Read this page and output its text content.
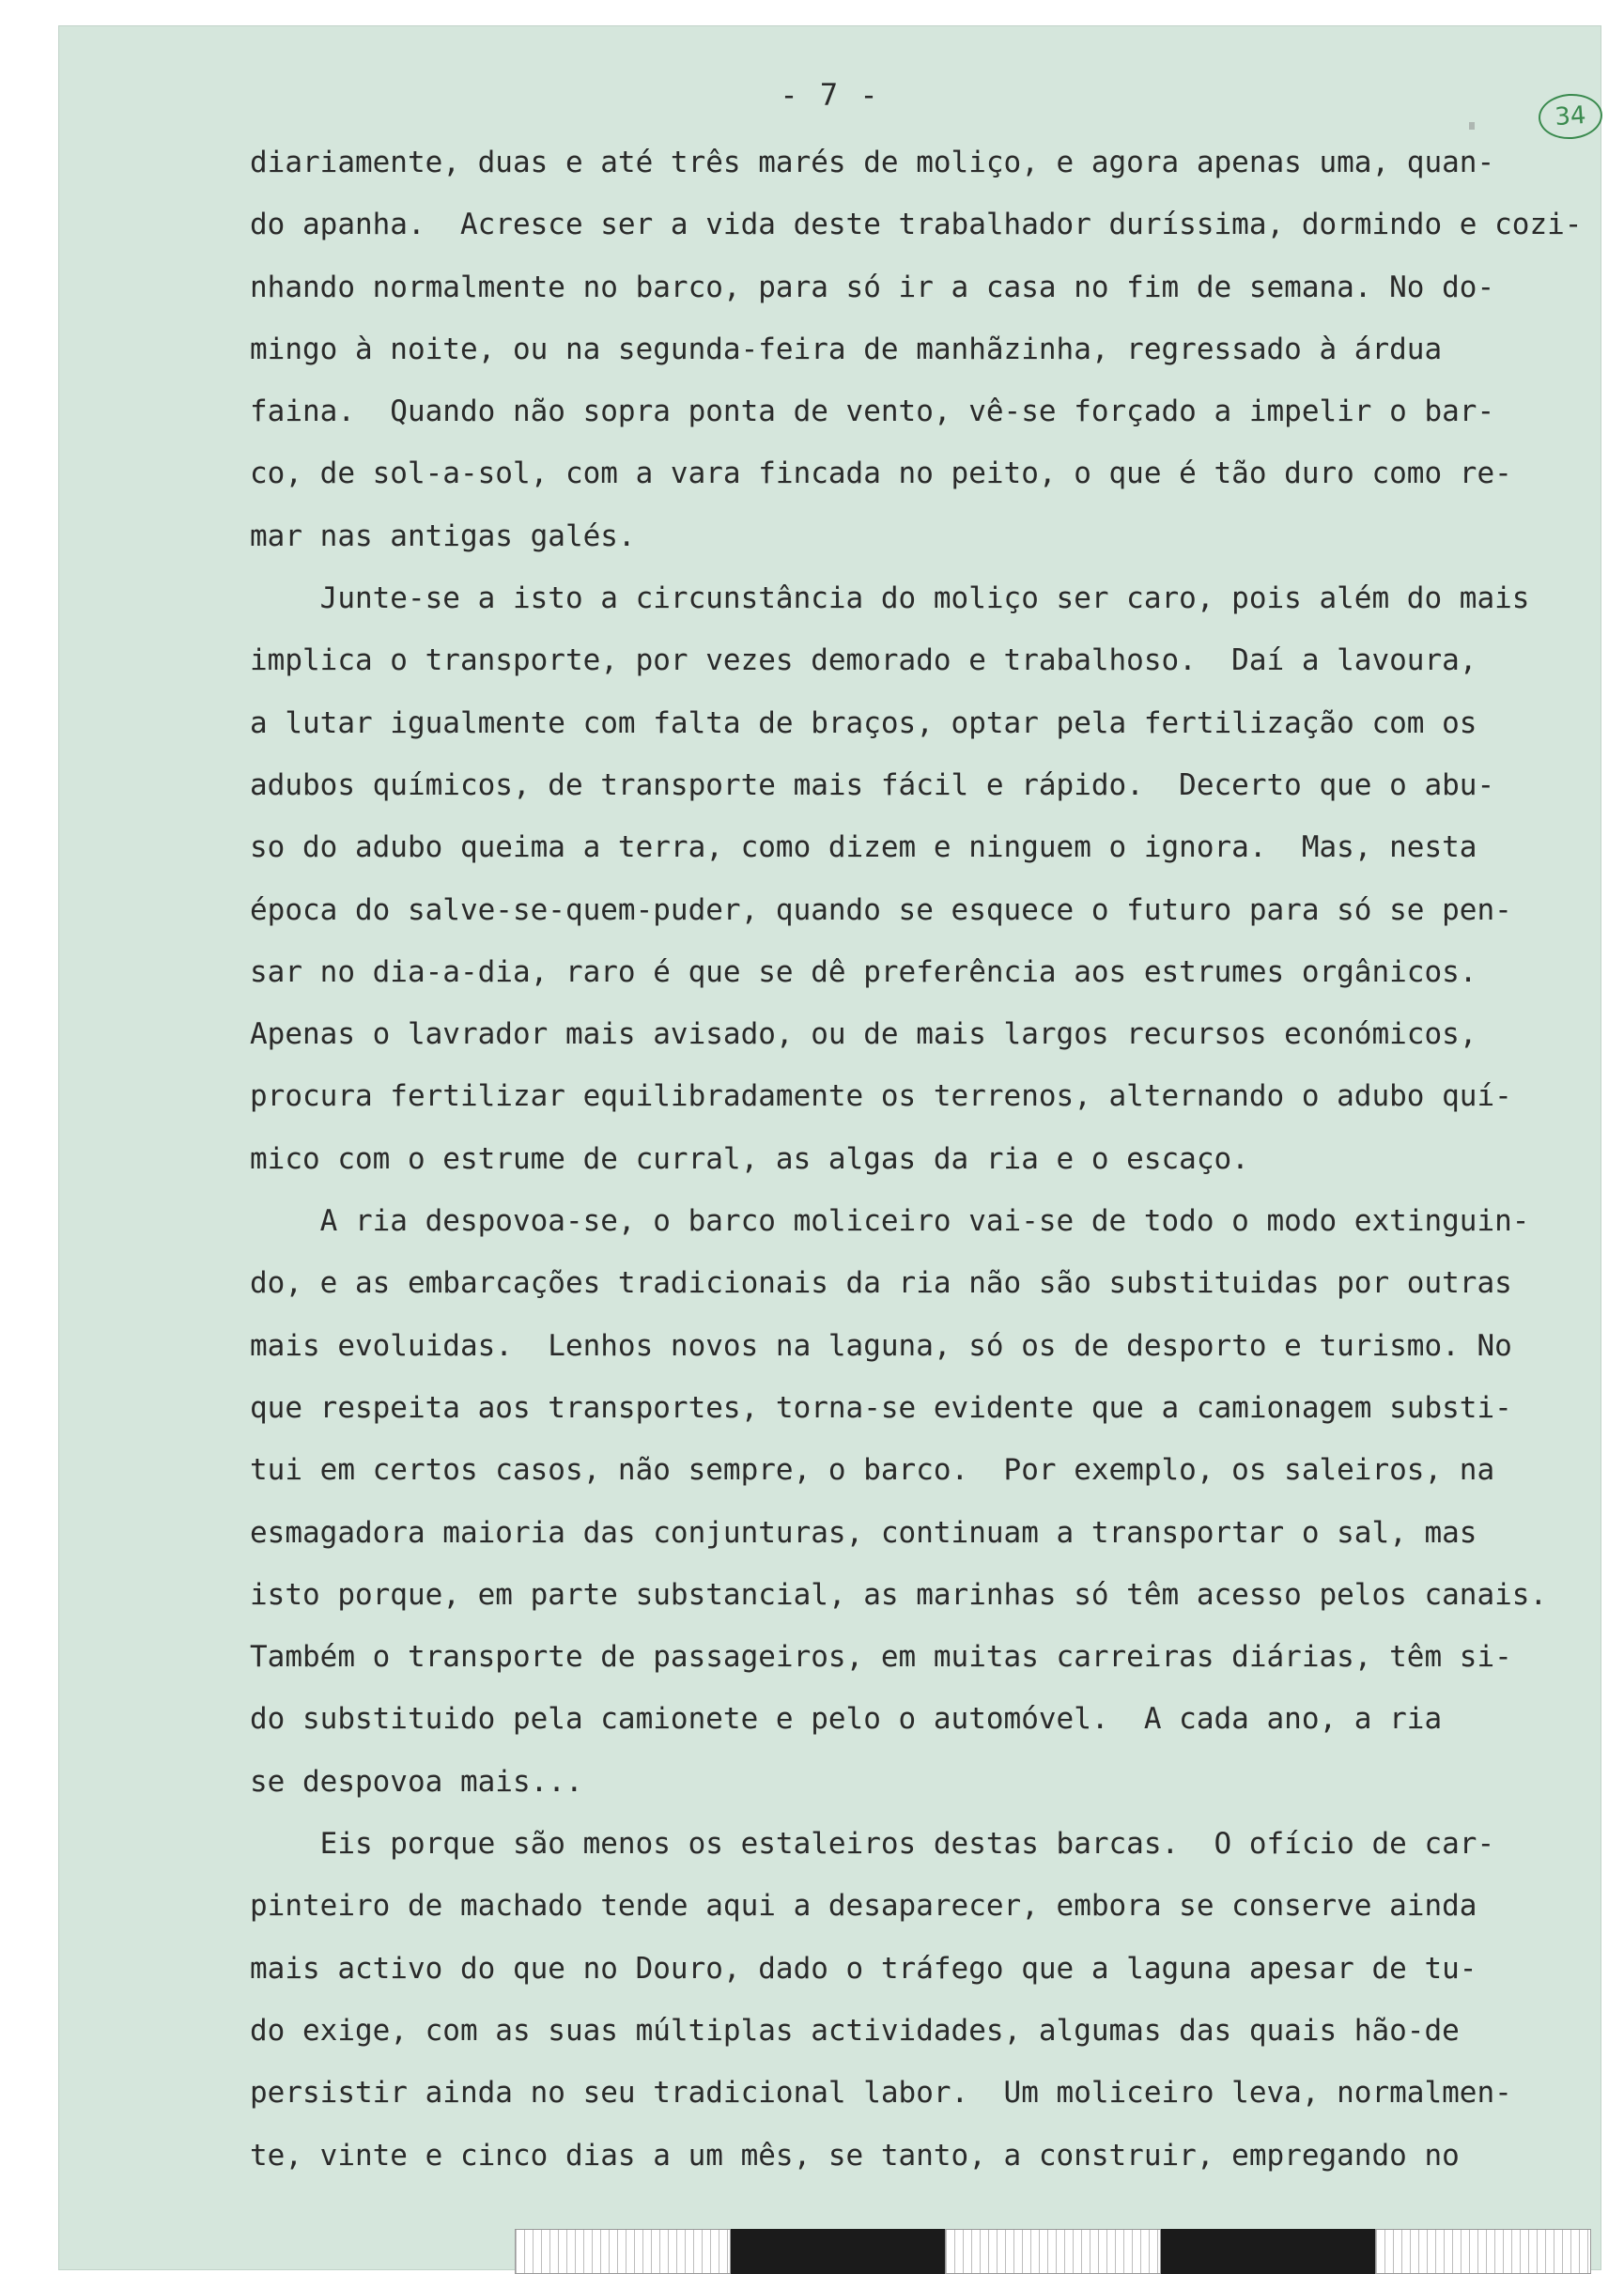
- 7 -
34
diariamente, duas e até três marés de moliço, e agora apenas uma, quan-
do apanha.  Acresce ser a vida deste trabalhador duríssima, dormindo e cozi-
nhando normalmente no barco, para só ir a casa no fim de semana. No do-
mingo à noite, ou na segunda-feira de manhãzinha, regressado à árdua
faina.  Quando não sopra ponta de vento, vê-se forçado a impelir o bar-
co, de sol-a-sol, com a vara fincada no peito, o que é tão duro como re-
mar nas antigas galés.
Junte-se a isto a circunstância do moliço ser caro, pois além do mais
implica o transporte, por vezes demorado e trabalhoso.  Daí a lavoura,
a lutar igualmente com falta de braços, optar pela fertilização com os
adubos químicos, de transporte mais fácil e rápido.  Decerto que o abu-
so do adubo queima a terra, como dizem e ninguem o ignora.  Mas, nesta
época do salve-se-quem-puder, quando se esquece o futuro para só se pen-
sar no dia-a-dia, raro é que se dê preferência aos estrumes orgânicos.
Apenas o lavrador mais avisado, ou de mais largos recursos económicos,
procura fertilizar equilibradamente os terrenos, alternando o adubo quí-
mico com o estrume de curral, as algas da ria e o escaço.
A ria despovoa-se, o barco moliceiro vai-se de todo o modo extinguin-
do, e as embarcações tradicionais da ria não são substituidas por outras
mais evoluidas.  Lenhos novos na laguna, só os de desporto e turismo. No
que respeita aos transportes, torna-se evidente que a camionagem substi-
tui em certos casos, não sempre, o barco.  Por exemplo, os saleiros, na
esmagadora maioria das conjunturas, continuam a transportar o sal, mas
isto porque, em parte substancial, as marinhas só têm acesso pelos canais.
Também o transporte de passageiros, em muitas carreiras diárias, têm si-
do substituido pela camionete e pelo o automóvel.  A cada ano, a ria
se despovoa mais...
Eis porque são menos os estaleiros destas barcas.  O ofício de car-
pinteiro de machado tende aqui a desaparecer, embora se conserve ainda
mais activo do que no Douro, dado o tráfego que a laguna apesar de tu-
do exige, com as suas múltiplas actividades, algumas das quais hão-de
persistir ainda no seu tradicional labor.  Um moliceiro leva, normalmen-
te, vinte e cinco dias a um mês, se tanto, a construir, empregando no
